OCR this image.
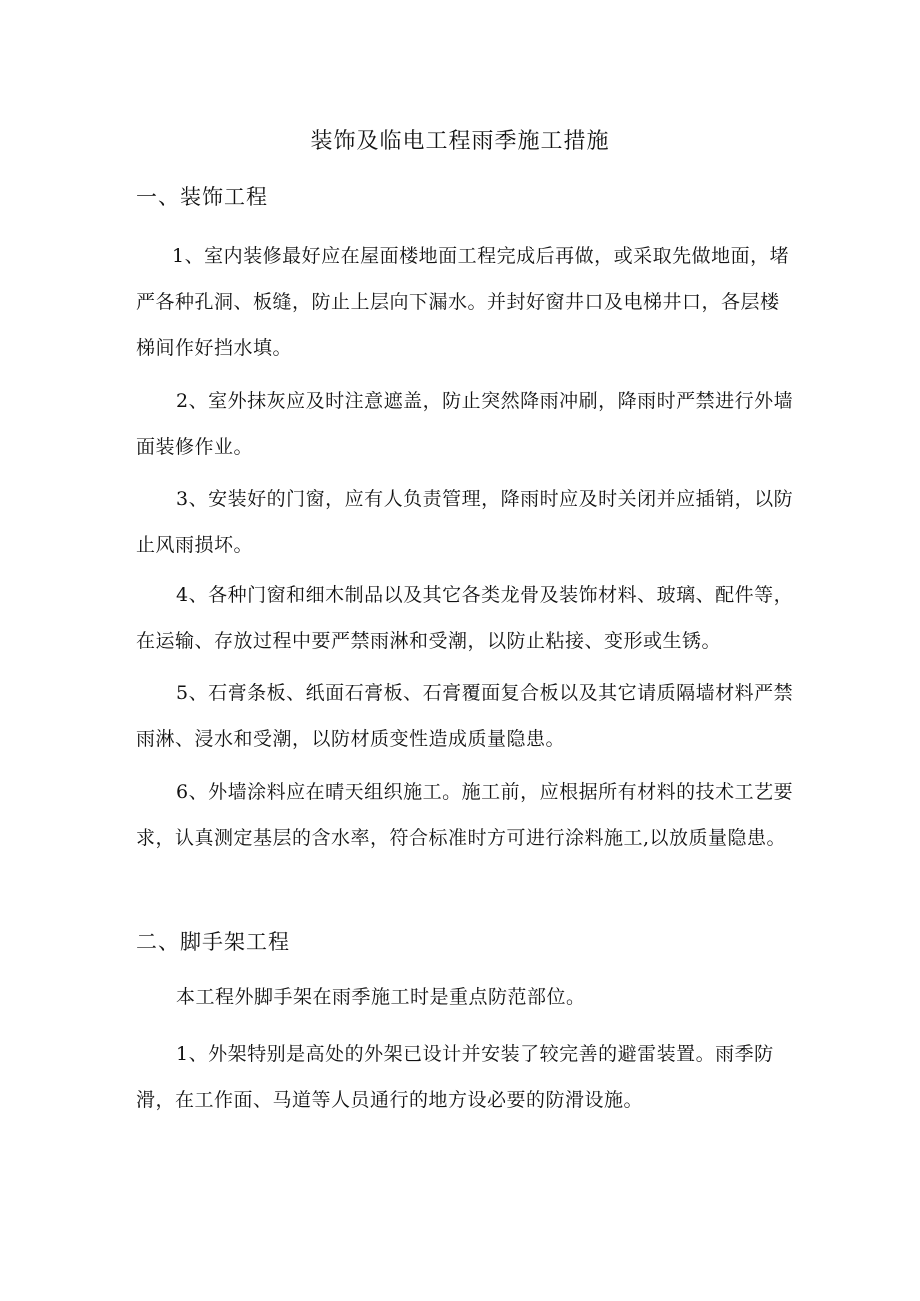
装饰及临电工程雨季施工措施
一、装饰工程

1、室内装修最好应在屋面楼地面工程完成后再做，或采取先做地面，堵严各种孔洞、板缝，防止上层向下漏水。并封好窗井口及电梯井口，各层楼梯间作好挡水填。

2、室外抹灰应及时注意遮盖，防止突然降雨冲刷，降雨时严禁进行外墙面装修作业。

3、安装好的门窗，应有人负责管理，降雨时应及时关闭并应插销，以防止风雨损坏。

4、各种门窗和细木制品以及其它各类龙骨及装饰材料、玻璃、配件等，在运输、存放过程中要严禁雨淋和受潮，以防止粘接、变形或生锈。

5、石膏条板、纸面石膏板、石膏覆面复合板以及其它请质隔墙材料严禁雨淋、浸水和受潮，以防材质变性造成质量隐患。

6、外墙涂料应在晴天组织施工。施工前，应根据所有材料的技术工艺要求，认真测定基层的含水率，符合标准时方可进行涂料施工,以放质量隐患。

二、脚手架工程

本工程外脚手架在雨季施工时是重点防范部位。

1、外架特别是高处的外架已设计并安装了较完善的避雷装置。雨季防滑，在工作面、马道等人员通行的地方设必要的防滑设施。
